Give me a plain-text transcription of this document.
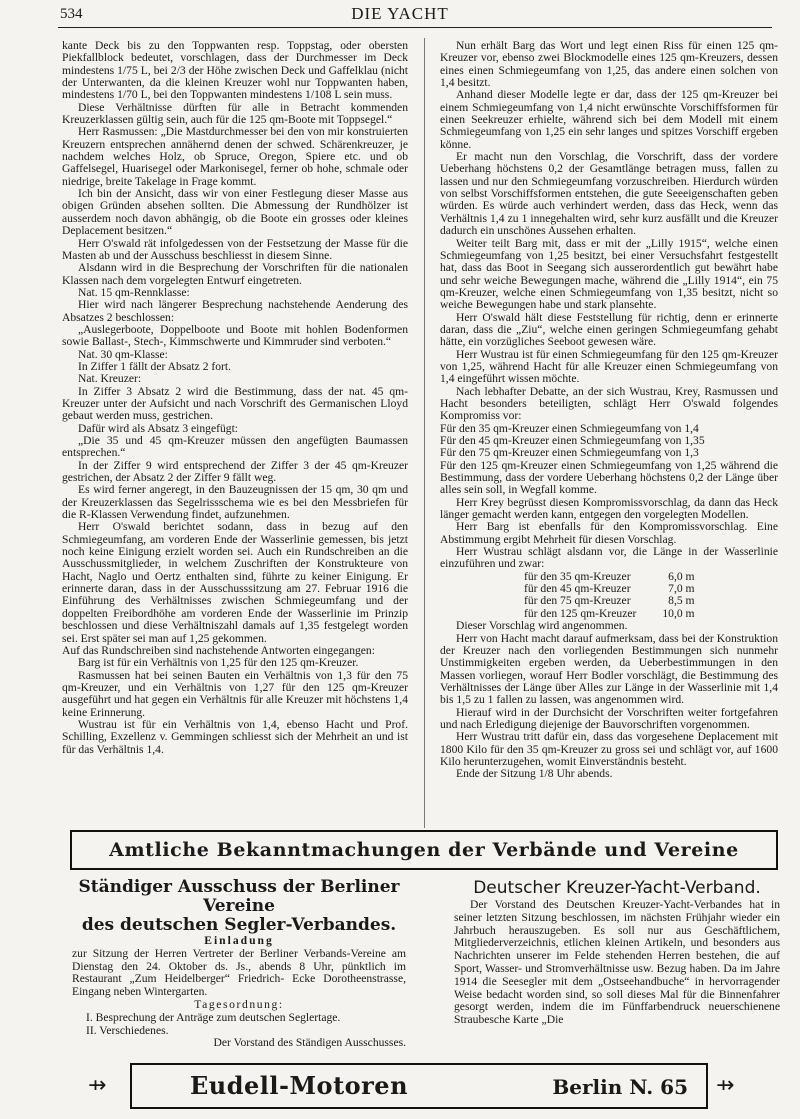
534	DIE YACHT

kante Deck bis zu den Toppwanten resp. Toppstag, oder obersten Piekfallblock bedeutet, vorschlagen, dass der Durchmesser im Deck mindestens 1/75 L, bei 2/3 der Höhe zwischen Deck und Gaffelklau (nicht der Unterwanten, da die kleinen Kreuzer wohl nur Toppwanten haben, mindestens 1/70 L, bei den Toppwanten mindestens 1/108 L sein muss.

Diese Verhältnisse dürften für alle in Betracht kommenden Kreuzerklassen gültig sein, auch für die 125 qm-Boote mit Toppsegel.“

Herr Rasmussen: „Die Mastdurchmesser bei den von mir konstruierten Kreuzern entsprechen annähernd denen der schwed. Schärenkreuzer, je nachdem welches Holz, ob Spruce, Oregon, Spiere etc. und ob Gaffelsegel, Huarisegel oder Markonisegel, ferner ob hohe, schmale oder niedrige, breite Takelage in Frage kommt.

Ich bin der Ansicht, dass wir von einer Festlegung dieser Masse aus obigen Gründen absehen sollten. Die Abmessung der Rundhölzer ist ausserdem noch davon abhängig, ob die Boote ein grosses oder kleines Deplacement besitzen.“

Herr O'swald rät infolgedessen von der Festsetzung der Masse für die Masten ab und der Ausschuss beschliesst in diesem Sinne.

Alsdann wird in die Besprechung der Vorschriften für die nationalen Klassen nach dem vorgelegten Entwurf eingetreten.

Nat. 15 qm-Rennklasse:

Hier wird nach längerer Besprechung nachstehende Aenderung des Absatzes 2 beschlossen:

„Auslegerboote, Doppelboote und Boote mit hohlen Bodenformen sowie Ballast-, Stech-, Kimmschwerte und Kimmruder sind verboten.“

Nat. 30 qm-Klasse:

In Ziffer 1 fällt der Absatz 2 fort.

Nat. Kreuzer:

In Ziffer 3 Absatz 2 wird die Bestimmung, dass der nat. 45 qm-Kreuzer unter der Aufsicht und nach Vorschrift des Germanischen Lloyd gebaut werden muss, gestrichen.

Dafür wird als Absatz 3 eingefügt:

„Die 35 und 45 qm-Kreuzer müssen den angefügten Baumassen entsprechen.“

In der Ziffer 9 wird entsprechend der Ziffer 3 der 45 qm-Kreuzer gestrichen, der Absatz 2 der Ziffer 9 fällt weg.

Es wird ferner angeregt, in den Bauzeugnissen der 15 qm, 30 qm und der Kreuzerklassen das Segelrissschema wie es bei den Messbriefen für die R-Klassen Verwendung findet, aufzunehmen.

Herr O'swald berichtet sodann, dass in bezug auf den Schmiegeumfang, am vorderen Ende der Wasserlinie gemessen, bis jetzt noch keine Einigung erzielt worden sei. Auch ein Rundschreiben an die Ausschussmitglieder, in welchem Zuschriften der Konstrukteure von Hacht, Naglo und Oertz enthalten sind, führte zu keiner Einigung. Er erinnerte daran, dass in der Ausschusssitzung am 27. Februar 1916 die Einführung des Verhältnisses zwischen Schmiegeumfang und der doppelten Freibordhöhe am vorderen Ende der Wasserlinie im Prinzip beschlossen und diese Verhältniszahl damals auf 1,35 festgelegt worden sei. Erst später sei man auf 1,25 gekommen.

Auf das Rundschreiben sind nachstehende Antworten eingegangen:

Barg ist für ein Verhältnis von 1,25 für den 125 qm-Kreuzer.

Rasmussen hat bei seinen Bauten ein Verhältnis von 1,3 für den 75 qm-Kreuzer, und ein Verhältnis von 1,27 für den 125 qm-Kreuzer ausgeführt und hat gegen ein Verhältnis für alle Kreuzer mit höchstens 1,4 keine Erinnerung.

Wustrau ist für ein Verhältnis von 1,4, ebenso Hacht und Prof. Schilling, Exzellenz v. Gemmingen schliesst sich der Mehrheit an und ist für das Verhältnis 1,4.

Nun erhält Barg das Wort und legt einen Riss für einen 125 qm-Kreuzer vor, ebenso zwei Blockmodelle eines 125 qm-Kreuzers, dessen eines einen Schmiegeumfang von 1,25, das andere einen solchen von 1,4 besitzt.

Anhand dieser Modelle legte er dar, dass der 125 qm-Kreuzer bei einem Schmiegeumfang von 1,4 nicht erwünschte Vorschiffsformen für einen Seekreuzer erhielte, während sich bei dem Modell mit einem Schmiegeumfang von 1,25 ein sehr langes und spitzes Vorschiff ergeben könne.

Er macht nun den Vorschlag, die Vorschrift, dass der vordere Ueberhang höchstens 0,2 der Gesamtlänge betragen muss, fallen zu lassen und nur den Schmiegeumfang vorzuschreiben. Hierdurch würden von selbst Vorschiffsformen entstehen, die gute Seeeigenschaften geben würden. Es würde auch verhindert werden, dass das Heck, wenn das Verhältnis 1,4 zu 1 innegehalten wird, sehr kurz ausfällt und die Kreuzer dadurch ein unschönes Aussehen erhalten.

Weiter teilt Barg mit, dass er mit der „Lilly 1915“, welche einen Schmiegeumfang von 1,25 besitzt, bei einer Versuchsfahrt festgestellt hat, dass das Boot in Seegang sich ausserordentlich gut bewährt habe und sehr weiche Bewegungen mache, während die „Lilly 1914“, ein 75 qm-Kreuzer, welche einen Schmiegeumfang von 1,35 besitzt, nicht so weiche Bewegungen habe und stark plansehte.

Herr O'swald hält diese Feststellung für richtig, denn er erinnerte daran, dass die „Ziu“, welche einen geringen Schmiegeumfang gehabt hätte, ein vorzügliches Seeboot gewesen wäre.

Herr Wustrau ist für einen Schmiegeumfang für den 125 qm-Kreuzer von 1,25, während Hacht für alle Kreuzer einen Schmiegeumfang von 1,4 eingeführt wissen möchte.

Nach lebhafter Debatte, an der sich Wustrau, Krey, Rasmussen und Hacht besonders beteiligten, schlägt Herr O'swald folgendes Kompromiss vor:

Für den 35 qm-Kreuzer einen Schmiegeumfang von 1,4

Für den 45 qm-Kreuzer einen Schmiegeumfang von 1,35

Für den 75 qm-Kreuzer einen Schmiegeumfang von 1,3

Für den 125 qm-Kreuzer einen Schmiegeumfang von 1,25 während die Bestimmung, dass der vordere Ueberhang höchstens 0,2 der Länge über alles sein soll, in Wegfall komme.

Herr Krey begrüsst diesen Kompromissvorschlag, da dann das Heck länger gemacht werden kann, entgegen den vorgelegten Modellen.

Herr Barg ist ebenfalls für den Kompromissvorschlag. Eine Abstimmung ergibt Mehrheit für diesen Vorschlag.

Herr Wustrau schlägt alsdann vor, die Länge in der Wasserlinie einzuführen und zwar:

für den 35 qm-Kreuzer	6,0 m
für den 45 qm-Kreuzer	7,0 m
für den 75 qm-Kreuzer	8,5 m
für den 125 qm-Kreuzer	10,0 m

Dieser Vorschlag wird angenommen.

Herr von Hacht macht darauf aufmerksam, dass bei der Konstruktion der Kreuzer nach den vorliegenden Bestimmungen sich nunmehr Unstimmigkeiten ergeben werden, da Ueberbestimmungen in den Massen vorliegen, worauf Herr Bodler vorschlägt, die Bestimmung des Verhältnisses der Länge über Alles zur Länge in der Wasserlinie mit 1,4 bis 1,5 zu 1 fallen zu lassen, was angenommen wird.

Hierauf wird in der Durchsicht der Vorschriften weiter fortgefahren und nach Erledigung diejenige der Bauvorschriften vorgenommen.

Herr Wustrau tritt dafür ein, dass das vorgesehene Deplacement mit 1800 Kilo für den 35 qm-Kreuzer zu gross sei und schlägt vor, auf 1600 Kilo herunterzugehen, womit Einverständnis besteht.

Ende der Sitzung 1/8 Uhr abends.

Amtliche Bekanntmachungen der Verbände und Vereine
Ständiger Ausschuss der Berliner Vereine
des deutschen Segler-Verbandes.

Einladung

zur Sitzung der Herren Vertreter der Berliner Verbands-Vereine am Dienstag den 24. Oktober ds. Js., abends 8 Uhr, pünktlich im Restaurant „Zum Heidelberger“ Friedrich- Ecke Dorotheenstrasse, Eingang neben Wintergarten.

Tagesordnung:

I. Besprechung der Anträge zum deutschen Seglertage.

II. Verschiedenes.

Der Vorstand des Ständigen Ausschusses.

Deutscher Kreuzer-Yacht-Verband.

Der Vorstand des Deutschen Kreuzer-Yacht-Verbandes hat in seiner letzten Sitzung beschlossen, im nächsten Frühjahr wieder ein Jahrbuch herauszugeben. Es soll nur aus Geschäftlichem, Mitgliederverzeichnis, etlichen kleinen Artikeln, und besonders aus Nachrichten unserer im Felde stehenden Herren bestehen, die auf Sport, Wasser- und Stromverhältnisse usw. Bezug haben. Da im Jahre 1914 die Seesegler mit dem „Ostseehandbuche“ in hervorragender Weise bedacht worden sind, so soll dieses Mal für die Binnenfahrer gesorgt werden, indem die im Fünffarbendruck neuerschienene Straubesche Karte „Die

⇸	Eudell-Motoren	Berlin N. 65 ⇸
